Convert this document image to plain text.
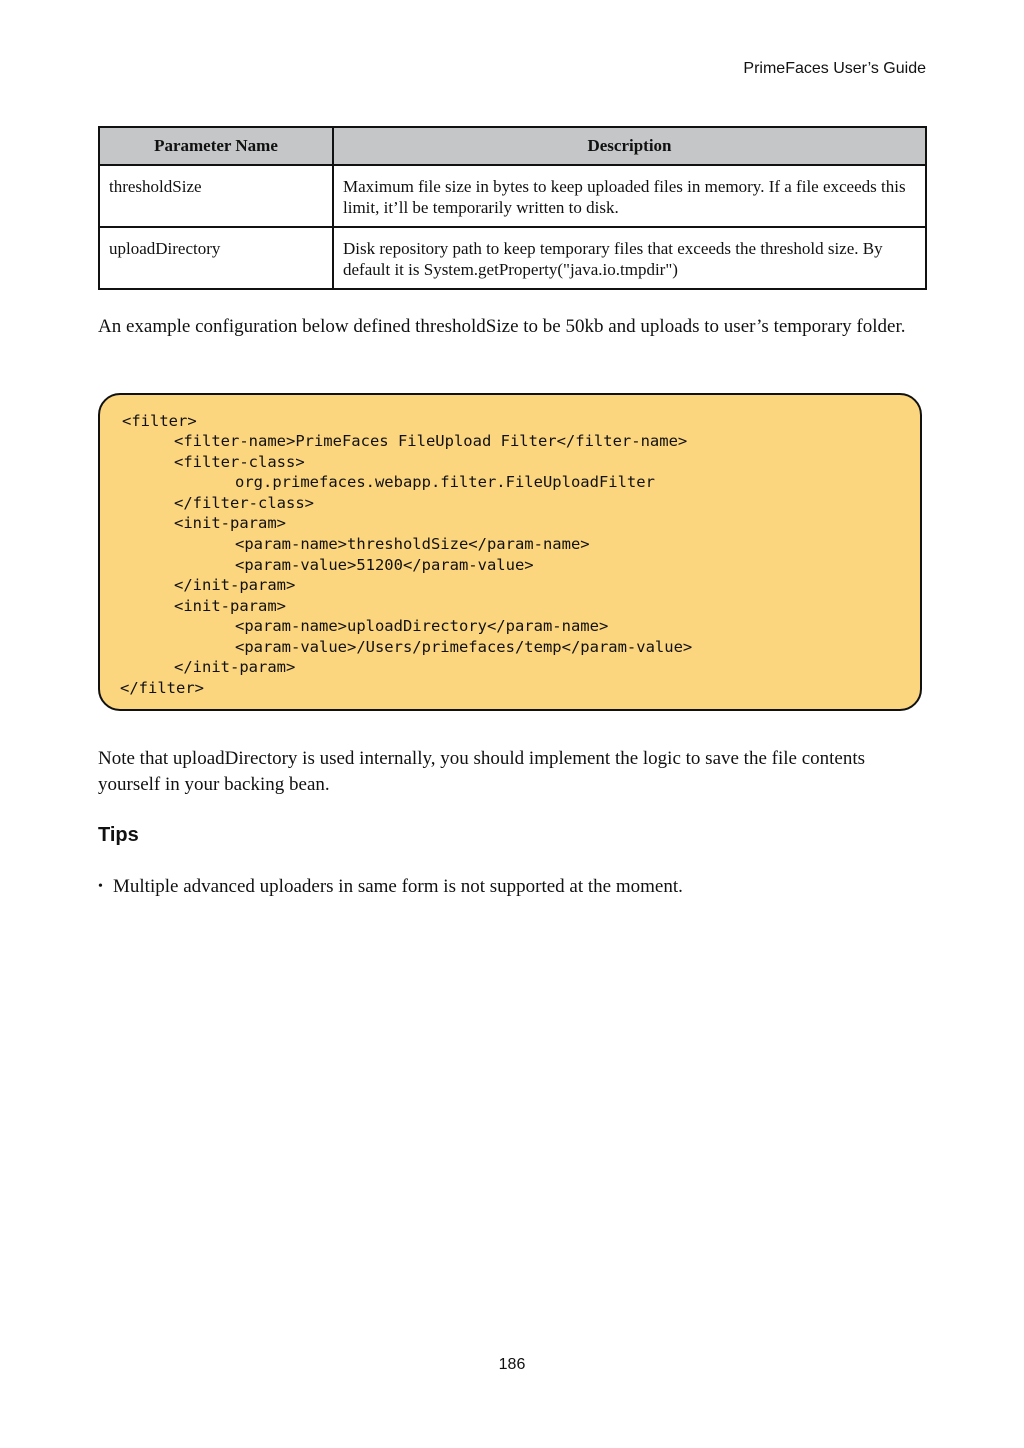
PrimeFaces User’s Guide
Parameter Name	Description
thresholdSize	Maximum file size in bytes to keep uploaded files in memory. If a file exceeds this limit, it’ll be temporarily written to disk.
uploadDirectory	Disk repository path to keep temporary files that exceeds the threshold size. By default it is System.getProperty("java.io.tmpdir")

An example configuration below defined thresholdSize to be 50kb and uploads to user’s temporary folder.

<filter>
<filter-name>PrimeFaces FileUpload Filter</filter-name>
<filter-class>
org.primefaces.webapp.filter.FileUploadFilter
</filter-class>
<init-param>
<param-name>thresholdSize</param-name>
<param-value>51200</param-value>
</init-param>
<init-param>
<param-name>uploadDirectory</param-name>
<param-value>/Users/primefaces/temp</param-value>
</init-param>
</filter>

Note that uploadDirectory is used internally, you should implement the logic to save the file contents yourself in your backing bean.

Tips
• Multiple advanced uploaders in same form is not supported at the moment.
186
